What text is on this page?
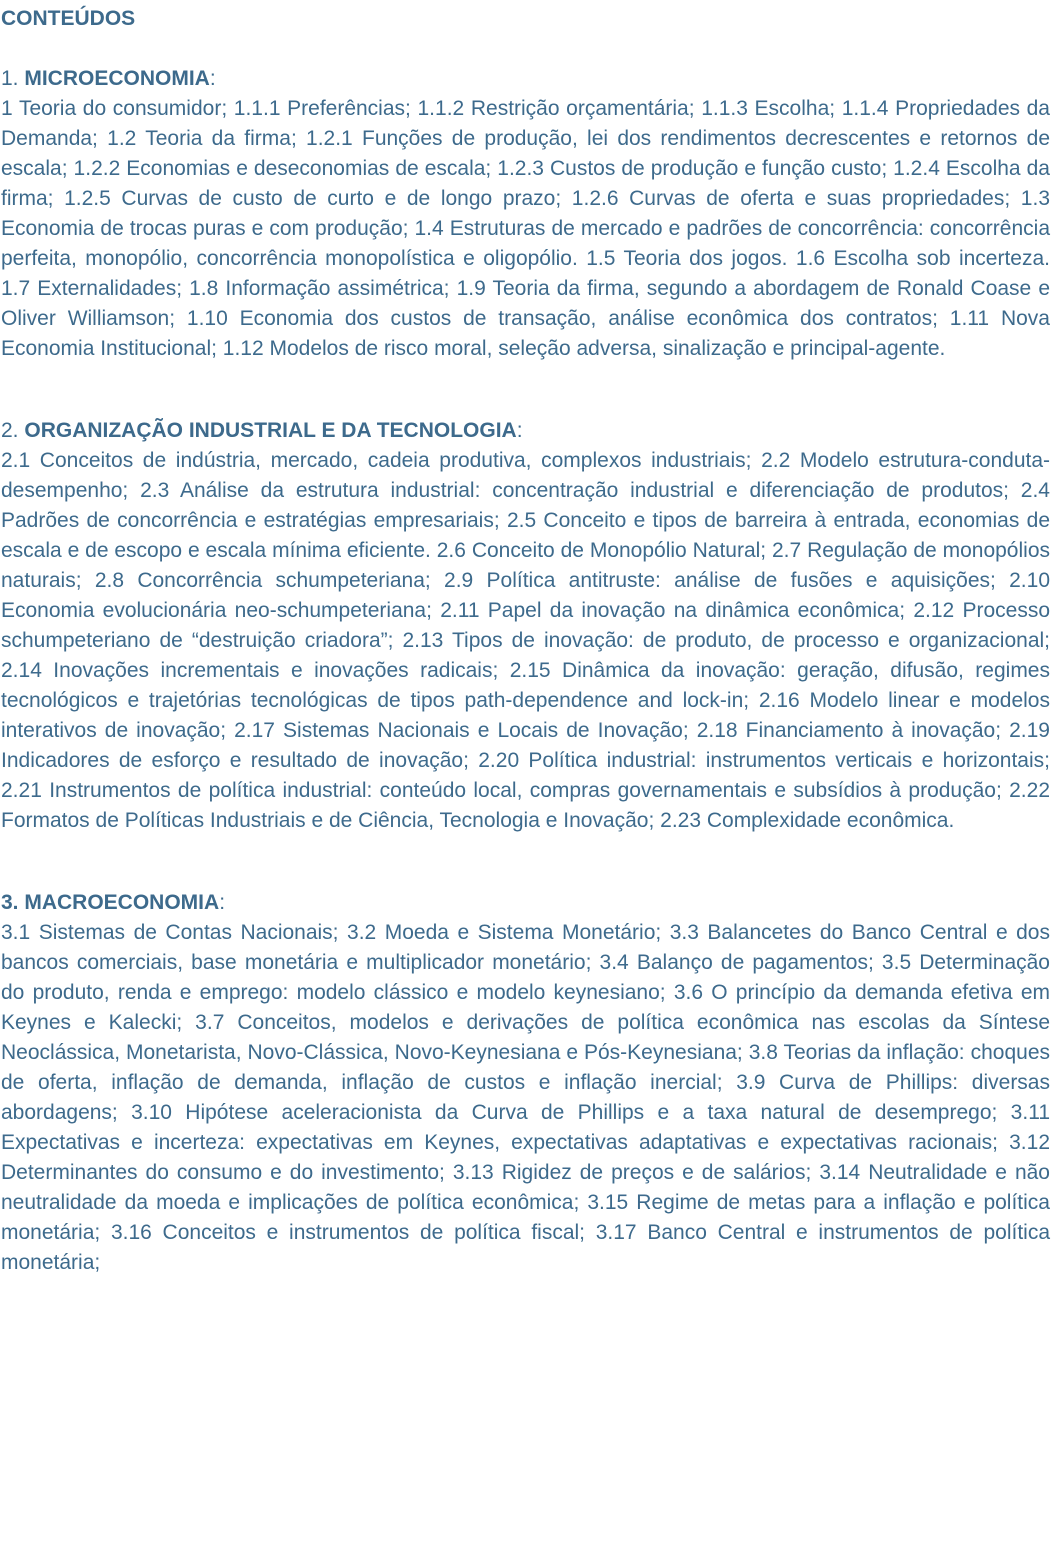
CONTEÚDOS

1. MICROECONOMIA:

1 Teoria do consumidor; 1.1.1 Preferências; 1.1.2 Restrição orçamentária; 1.1.3 Escolha; 1.1.4 Propriedades da Demanda; 1.2 Teoria da firma; 1.2.1 Funções de produção, lei dos rendimentos decrescentes e retornos de escala; 1.2.2 Economias e deseconomias de escala; 1.2.3 Custos de produção e função custo; 1.2.4 Escolha da firma; 1.2.5 Curvas de custo de curto e de longo prazo; 1.2.6 Curvas de oferta e suas propriedades; 1.3 Economia de trocas puras e com produção; 1.4 Estruturas de mercado e padrões de concorrência: concorrência perfeita, monopólio, concorrência monopolística e oligopólio. 1.5 Teoria dos jogos. 1.6 Escolha sob incerteza. 1.7 Externalidades; 1.8 Informação assimétrica; 1.9 Teoria da firma, segundo a abordagem de Ronald Coase e Oliver Williamson; 1.10 Economia dos custos de transação, análise econômica dos contratos; 1.11 Nova Economia Institucional; 1.12 Modelos de risco moral, seleção adversa, sinalização e principal-agente.

2. ORGANIZAÇÃO INDUSTRIAL E DA TECNOLOGIA:

2.1 Conceitos de indústria, mercado, cadeia produtiva, complexos industriais; 2.2 Modelo estrutura-conduta-desempenho; 2.3 Análise da estrutura industrial: concentração industrial e diferenciação de produtos; 2.4 Padrões de concorrência e estratégias empresariais; 2.5 Conceito e tipos de barreira à entrada, economias de escala e de escopo e escala mínima eficiente. 2.6 Conceito de Monopólio Natural; 2.7 Regulação de monopólios naturais; 2.8 Concorrência schumpeteriana; 2.9 Política antitruste: análise de fusões e aquisições; 2.10 Economia evolucionária neo-schumpeteriana; 2.11 Papel da inovação na dinâmica econômica; 2.12 Processo schumpeteriano de “destruição criadora”; 2.13 Tipos de inovação: de produto, de processo e organizacional; 2.14 Inovações incrementais e inovações radicais; 2.15 Dinâmica da inovação: geração, difusão, regimes tecnológicos e trajetórias tecnológicas de tipos path-dependence and lock-in; 2.16 Modelo linear e modelos interativos de inovação; 2.17 Sistemas Nacionais e Locais de Inovação; 2.18 Financiamento à inovação; 2.19 Indicadores de esforço e resultado de inovação; 2.20 Política industrial: instrumentos verticais e horizontais; 2.21 Instrumentos de política industrial: conteúdo local, compras governamentais e subsídios à produção; 2.22 Formatos de Políticas Industriais e de Ciência, Tecnologia e Inovação; 2.23 Complexidade econômica.

3. MACROECONOMIA:

3.1 Sistemas de Contas Nacionais; 3.2 Moeda e Sistema Monetário; 3.3 Balancetes do Banco Central e dos bancos comerciais, base monetária e multiplicador monetário; 3.4 Balanço de pagamentos; 3.5 Determinação do produto, renda e emprego: modelo clássico e modelo keynesiano; 3.6 O princípio da demanda efetiva em Keynes e Kalecki; 3.7 Conceitos, modelos e derivações de política econômica nas escolas da Síntese Neoclássica, Monetarista, Novo-Clássica, Novo-Keynesiana e Pós-Keynesiana; 3.8 Teorias da inflação: choques de oferta, inflação de demanda, inflação de custos e inflação inercial; 3.9 Curva de Phillips: diversas abordagens; 3.10 Hipótese aceleracionista da Curva de Phillips e a taxa natural de desemprego; 3.11 Expectativas e incerteza: expectativas em Keynes, expectativas adaptativas e expectativas racionais; 3.12 Determinantes do consumo e do investimento; 3.13 Rigidez de preços e de salários; 3.14 Neutralidade e não neutralidade da moeda e implicações de política econômica; 3.15 Regime de metas para a inflação e política monetária; 3.16 Conceitos e instrumentos de política fiscal; 3.17 Banco Central e instrumentos de política monetária;
